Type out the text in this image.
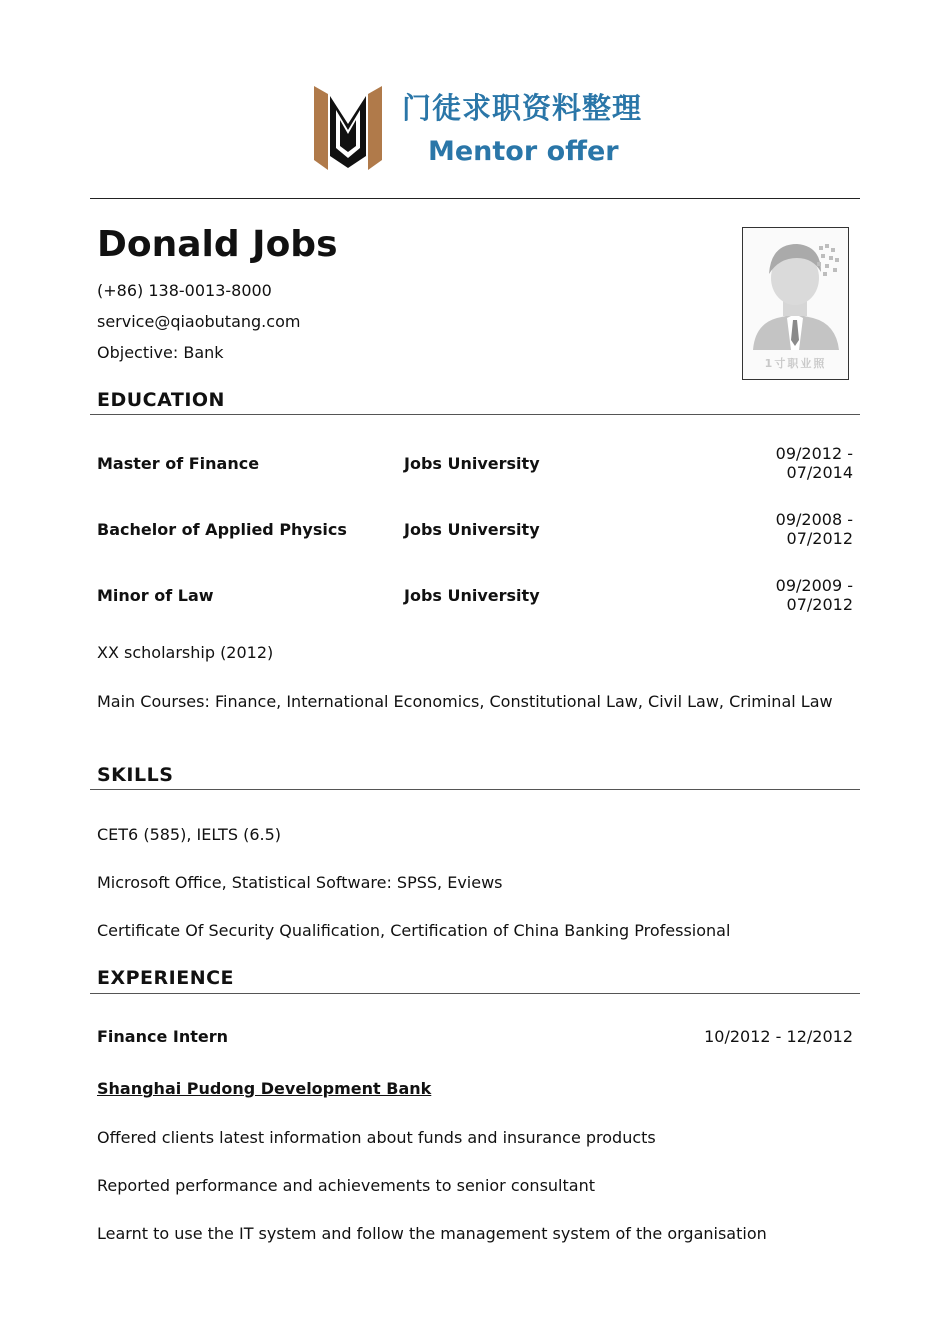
门徒求职资料整理
Mentor offer
Donald Jobs
(+86) 138-0013-8000
service@qiaobutang.com
Objective: Bank
1寸职业照
EDUCATION
Master of Finance	Jobs University
09/2012 -
07/2014
Bachelor of Applied Physics	Jobs University
09/2008 -
07/2012
Minor of Law	Jobs University
09/2009 -
07/2012
XX scholarship (2012)
Main Courses: Finance, International Economics, Constitutional Law, Civil Law, Criminal Law
SKILLS
CET6 (585), IELTS (6.5)
Microsoft Office, Statistical Software: SPSS, Eviews
Certificate Of Security Qualification, Certification of China Banking Professional
EXPERIENCE
Finance Intern	10/2012 - 12/2012
Shanghai Pudong Development Bank
Offered clients latest information about funds and insurance products
Reported performance and achievements to senior consultant
Learnt to use the IT system and follow the management system of the organisation
